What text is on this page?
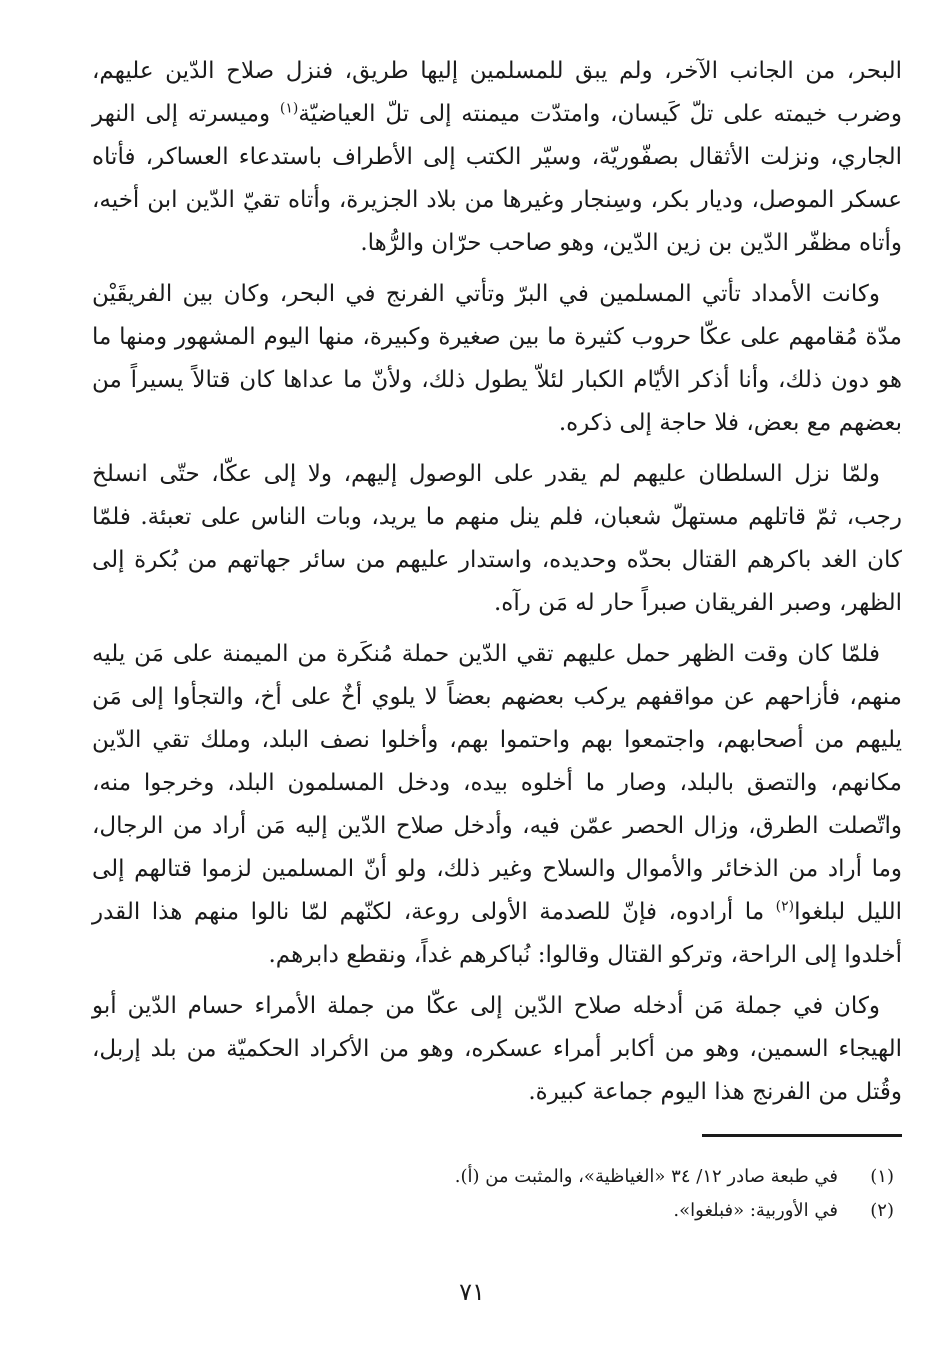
البحر، من الجانب الآخر، ولم يبق للمسلمين إليها طريق، فنزل صلاح الدّين عليهم، وضرب خيمته على تلّ كَيسان، وامتدّت ميمنته إلى تلّ العياضيّة$^{(١)}$ وميسرته إلى النهر الجاري، ونزلت الأثقال بصفّوريّة، وسيّر الكتب إلى الأطراف باستدعاء العساكر، فأتاه عسكر الموصل، وديار بكر، وسِنجار وغيرها من بلاد الجزيرة، وأتاه تقيّ الدّين ابن أخيه، وأتاه مظفّر الدّين بن زين الدّين، وهو صاحب حرّان والرُّها.

وكانت الأمداد تأتي المسلمين في البرّ وتأتي الفرنج في البحر، وكان بين الفريقَيْن مدّة مُقامهم على عكّا حروب كثيرة ما بين صغيرة وكبيرة، منها اليوم المشهور ومنها ما هو دون ذلك، وأنا أذكر الأيّام الكبار لئلاّ يطول ذلك، ولأنّ ما عداها كان قتالاً يسيراً من بعضهم مع بعض، فلا حاجة إلى ذكره.

ولمّا نزل السلطان عليهم لم يقدر على الوصول إليهم، ولا إلى عكّا، حتّى انسلخ رجب، ثمّ قاتلهم مستهلّ شعبان، فلم ينل منهم ما يريد، وبات الناس على تعبئة. فلمّا كان الغد باكرهم القتال بحدّه وحديده، واستدار عليهم من سائر جهاتهم من بُكرة إلى الظهر، وصبر الفريقان صبراً حار له مَن رآه.

فلمّا كان وقت الظهر حمل عليهم تقي الدّين حملة مُنكَرة من الميمنة على مَن يليه منهم، فأزاحهم عن مواقفهم يركب بعضهم بعضاً لا يلوي أخٌ على أخ، والتجأوا إلى مَن يليهم من أصحابهم، واجتمعوا بهم واحتموا بهم، وأخلوا نصف البلد، وملك تقي الدّين مكانهم، والتصق بالبلد، وصار ما أخلوه بيده، ودخل المسلمون البلد، وخرجوا منه، واتّصلت الطرق، وزال الحصر عمّن فيه، وأدخل صلاح الدّين إليه مَن أراد من الرجال، وما أراد من الذخائر والأموال والسلاح وغير ذلك، ولو أنّ المسلمين لزموا قتالهم إلى الليل لبلغوا$^{(٢)}$ ما أرادوه، فإنّ للصدمة الأولى روعة، لكنّهم لمّا نالوا منهم هذا القدر أخلدوا إلى الراحة، وتركو القتال وقالوا: نُباكرهم غداً، ونقطع دابرهم.

وكان في جملة مَن أدخله صلاح الدّين إلى عكّا من جملة الأمراء حسام الدّين أبو الهيجاء السمين، وهو من أكابر أمراء عسكره، وهو من الأكراد الحكميّة من بلد إربل، وقُتل من الفرنج هذا اليوم جماعة كبيرة.

(١)
في طبعة صادر ١٢/ ٣٤ «الغياظية»، والمثبت من (أ).
(٢)
في الأوربية: «فبلغوا».
٧١
